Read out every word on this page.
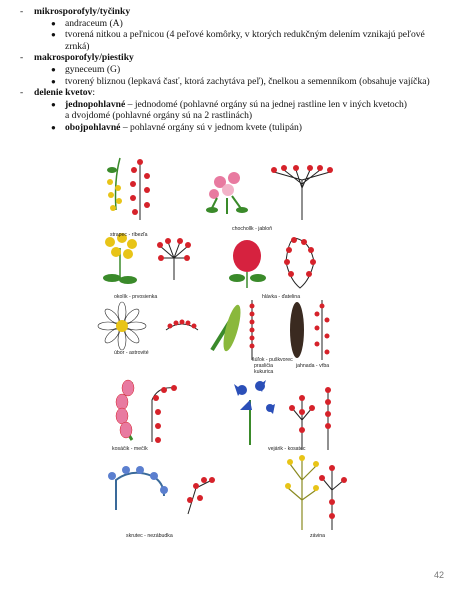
- mikrosporofyly/tyčinky
● andraceum (A)
● tvorená nitkou a peľnicou (4 peľové komôrky, v ktorých redukčným delením vznikajú peľové
zrnká)
- makrosporofyly/piestiky
● gyneceum (G)
● tvorený bliznou (lepkavá časť, ktorá zachytáva peľ), čnelkou a semenníkom (obsahuje vajíčka)
- delenie kvetov:
● jednopohlavné – jednodomé (pohlavné orgány sú na jednej rastline len v iných kvetoch)
a dvojdomé (pohlavné orgány sú na 2 rastlinách)
● obojpohlavné – pohlavné orgány sú v jednom kvete (tulipán)
strapec - ríbezľa
chochollk - jabloň
okolík - prvosienka	hlávka - ďatelina
úbor - astrovité
šúľok - puškvorec
prasličia
kukurica
jahnada - vŕba
kosáčik - mečík	vejárik - kosatec
skrutec - nezábudka	závina
42
